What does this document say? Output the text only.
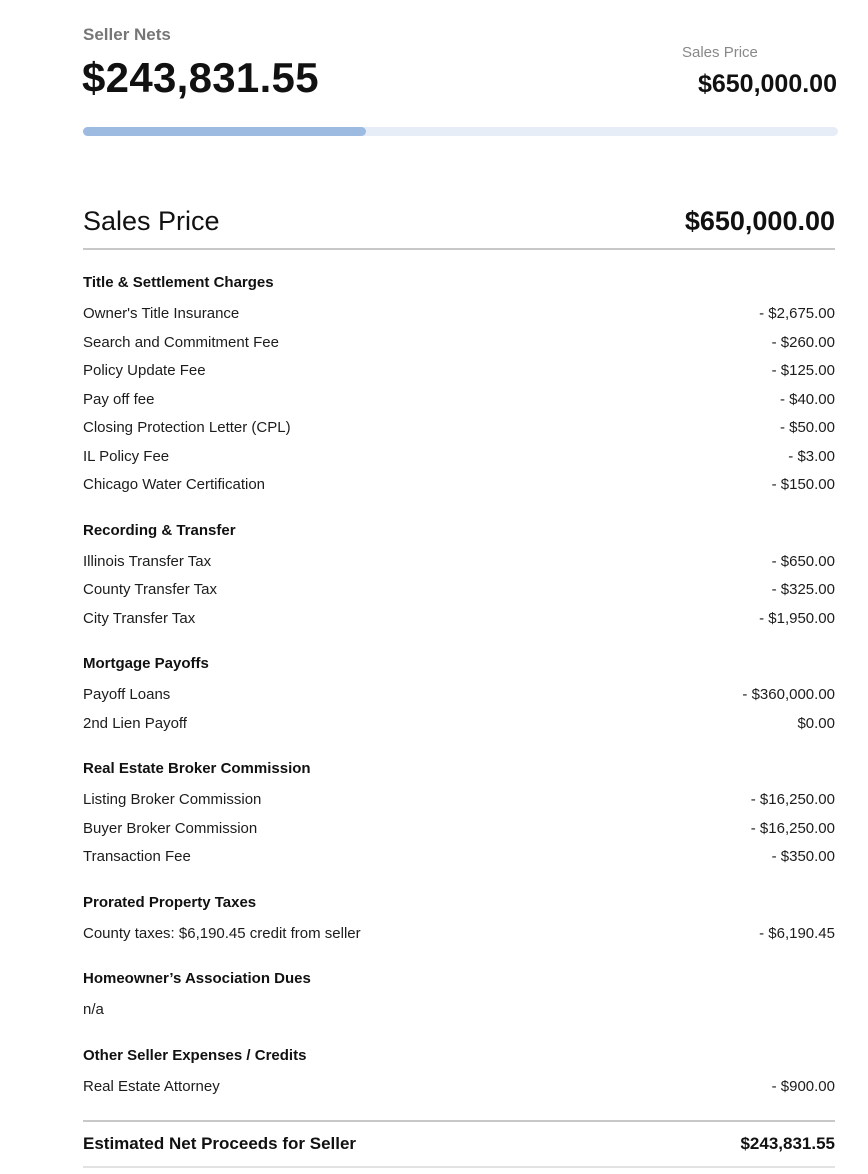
Seller Nets
$243,831.55
Sales Price
$650,000.00
Sales Price	$650,000.00
Title & Settlement Charges
Owner's Title Insurance	- $2,675.00
Search and Commitment Fee	- $260.00
Policy Update Fee	- $125.00
Pay off fee	- $40.00
Closing Protection Letter (CPL)	- $50.00
IL Policy Fee	- $3.00
Chicago Water Certification	- $150.00
Recording & Transfer
Illinois Transfer Tax	- $650.00
County Transfer Tax	- $325.00
City Transfer Tax	- $1,950.00
Mortgage Payoffs
Payoff Loans	- $360,000.00
2nd Lien Payoff	$0.00
Real Estate Broker Commission
Listing Broker Commission	- $16,250.00
Buyer Broker Commission	- $16,250.00
Transaction Fee	- $350.00
Prorated Property Taxes
County taxes: $6,190.45 credit from seller	- $6,190.45
Homeowner’s Association Dues
n/a
Other Seller Expenses / Credits
Real Estate Attorney	- $900.00
Estimated Net Proceeds for Seller	$243,831.55
